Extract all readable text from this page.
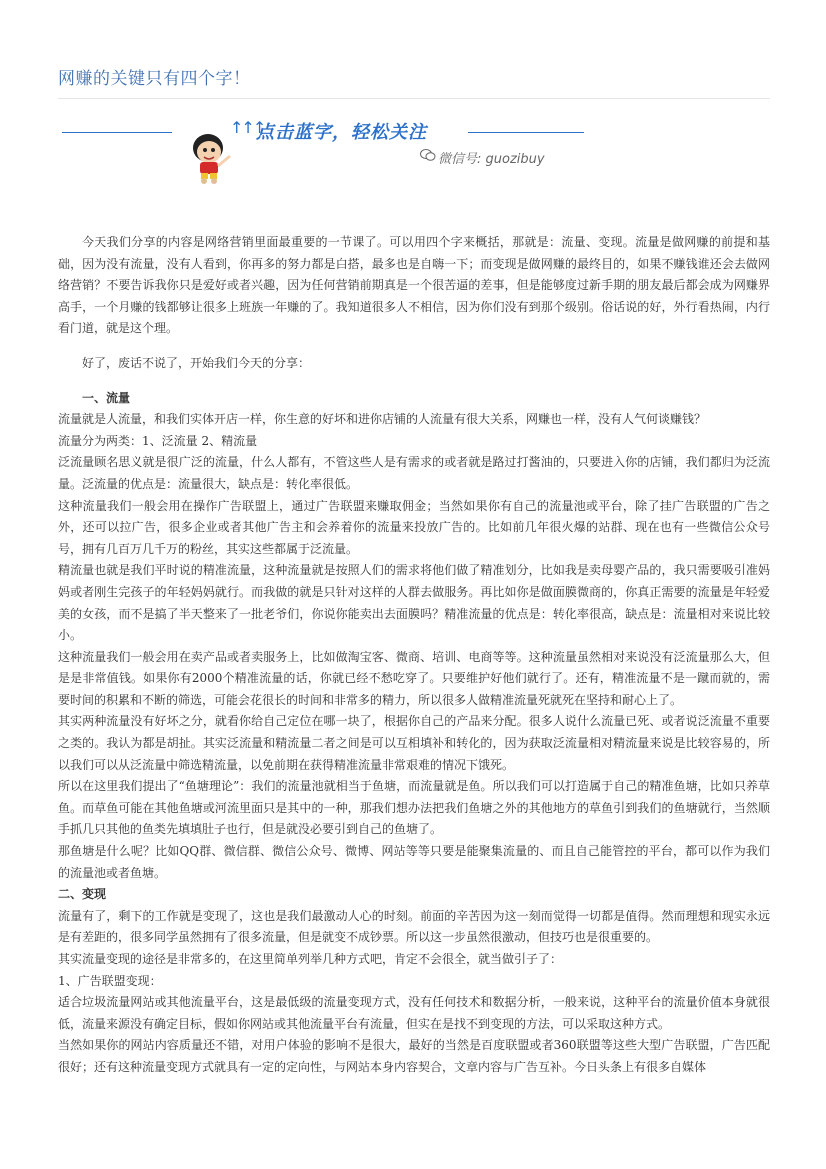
网赚的关键只有四个字！
↑↑↑
点击蓝字，轻松关注
微信号: guozibuy

今天我们分享的内容是网络营销里面最重要的一节课了。可以用四个字来概括，那就是：流量、变现。流量是做网赚的前提和基础，因为没有流量，没有人看到，你再多的努力都是白搭，最多也是自嗨一下；而变现是做网赚的最终目的，如果不赚钱谁还会去做网络营销？不要告诉我你只是爱好或者兴趣，因为任何营销前期真是一个很苦逼的差事，但是能够度过新手期的朋友最后都会成为网赚界高手，一个月赚的钱都够让很多上班族一年赚的了。我知道很多人不相信，因为你们没有到那个级别。俗话说的好，外行看热闹，内行看门道，就是这个理。

好了，废话不说了，开始我们今天的分享：

一、流量

流量就是人流量，和我们实体开店一样，你生意的好坏和进你店铺的人流量有很大关系，网赚也一样，没有人气何谈赚钱？

流量分为两类：1、泛流量 2、精流量

泛流量顾名思义就是很广泛的流量，什么人都有，不管这些人是有需求的或者就是路过打酱油的，只要进入你的店铺，我们都归为泛流量。泛流量的优点是：流量很大，缺点是：转化率很低。

这种流量我们一般会用在操作广告联盟上，通过广告联盟来赚取佣金；当然如果你有自己的流量池或平台，除了挂广告联盟的广告之外，还可以拉广告，很多企业或者其他广告主和会养着你的流量来投放广告的。比如前几年很火爆的站群、现在也有一些微信公众号号，拥有几百万几千万的粉丝，其实这些都属于泛流量。

精流量也就是我们平时说的精准流量，这种流量就是按照人们的需求将他们做了精准划分，比如我是卖母婴产品的，我只需要吸引准妈妈或者刚生完孩子的年轻妈妈就行。而我做的就是只针对这样的人群去做服务。再比如你是做面膜微商的，你真正需要的流量是年轻爱美的女孩，而不是搞了半天整来了一批老爷们，你说你能卖出去面膜吗？精准流量的优点是：转化率很高，缺点是：流量相对来说比较小。

这种流量我们一般会用在卖产品或者卖服务上，比如做淘宝客、微商、培训、电商等等。这种流量虽然相对来说没有泛流量那么大，但是是非常值钱。如果你有2000个精准流量的话，你就已经不愁吃穿了。只要维护好他们就行了。还有，精准流量不是一蹴而就的，需要时间的积累和不断的筛选，可能会花很长的时间和非常多的精力，所以很多人做精准流量死就死在坚持和耐心上了。

其实两种流量没有好坏之分，就看你给自己定位在哪一块了，根据你自己的产品来分配。很多人说什么流量已死、或者说泛流量不重要之类的。我认为都是胡扯。其实泛流量和精流量二者之间是可以互相填补和转化的，因为获取泛流量相对精流量来说是比较容易的，所以我们可以从泛流量中筛选精流量，以免前期在获得精准流量非常艰难的情况下饿死。

所以在这里我们提出了“鱼塘理论”：我们的流量池就相当于鱼塘，而流量就是鱼。所以我们可以打造属于自己的精准鱼塘，比如只养草鱼。而草鱼可能在其他鱼塘或河流里面只是其中的一种，那我们想办法把我们鱼塘之外的其他地方的草鱼引到我们的鱼塘就行，当然顺手抓几只其他的鱼类先填填肚子也行，但是就没必要引到自己的鱼塘了。

那鱼塘是什么呢？比如QQ群、微信群、微信公众号、微博、网站等等只要是能聚集流量的、而且自己能管控的平台，都可以作为我们的流量池或者鱼塘。

二、变现

流量有了，剩下的工作就是变现了，这也是我们最激动人心的时刻。前面的辛苦因为这一刻而觉得一切都是值得。然而理想和现实永远是有差距的，很多同学虽然拥有了很多流量，但是就变不成钞票。所以这一步虽然很激动，但技巧也是很重要的。

其实流量变现的途径是非常多的，在这里简单列举几种方式吧，肯定不会很全，就当做引子了：

1、广告联盟变现：

适合垃圾流量网站或其他流量平台，这是最低级的流量变现方式，没有任何技术和数据分析，一般来说，这种平台的流量价值本身就很低，流量来源没有确定目标，假如你网站或其他流量平台有流量，但实在是找不到变现的方法，可以采取这种方式。

当然如果你的网站内容质量还不错，对用户体验的影响不是很大，最好的当然是百度联盟或者360联盟等这些大型广告联盟，广告匹配很好；还有这种流量变现方式就具有一定的定向性，与网站本身内容契合，文章内容与广告互补。今日头条上有很多自媒体
